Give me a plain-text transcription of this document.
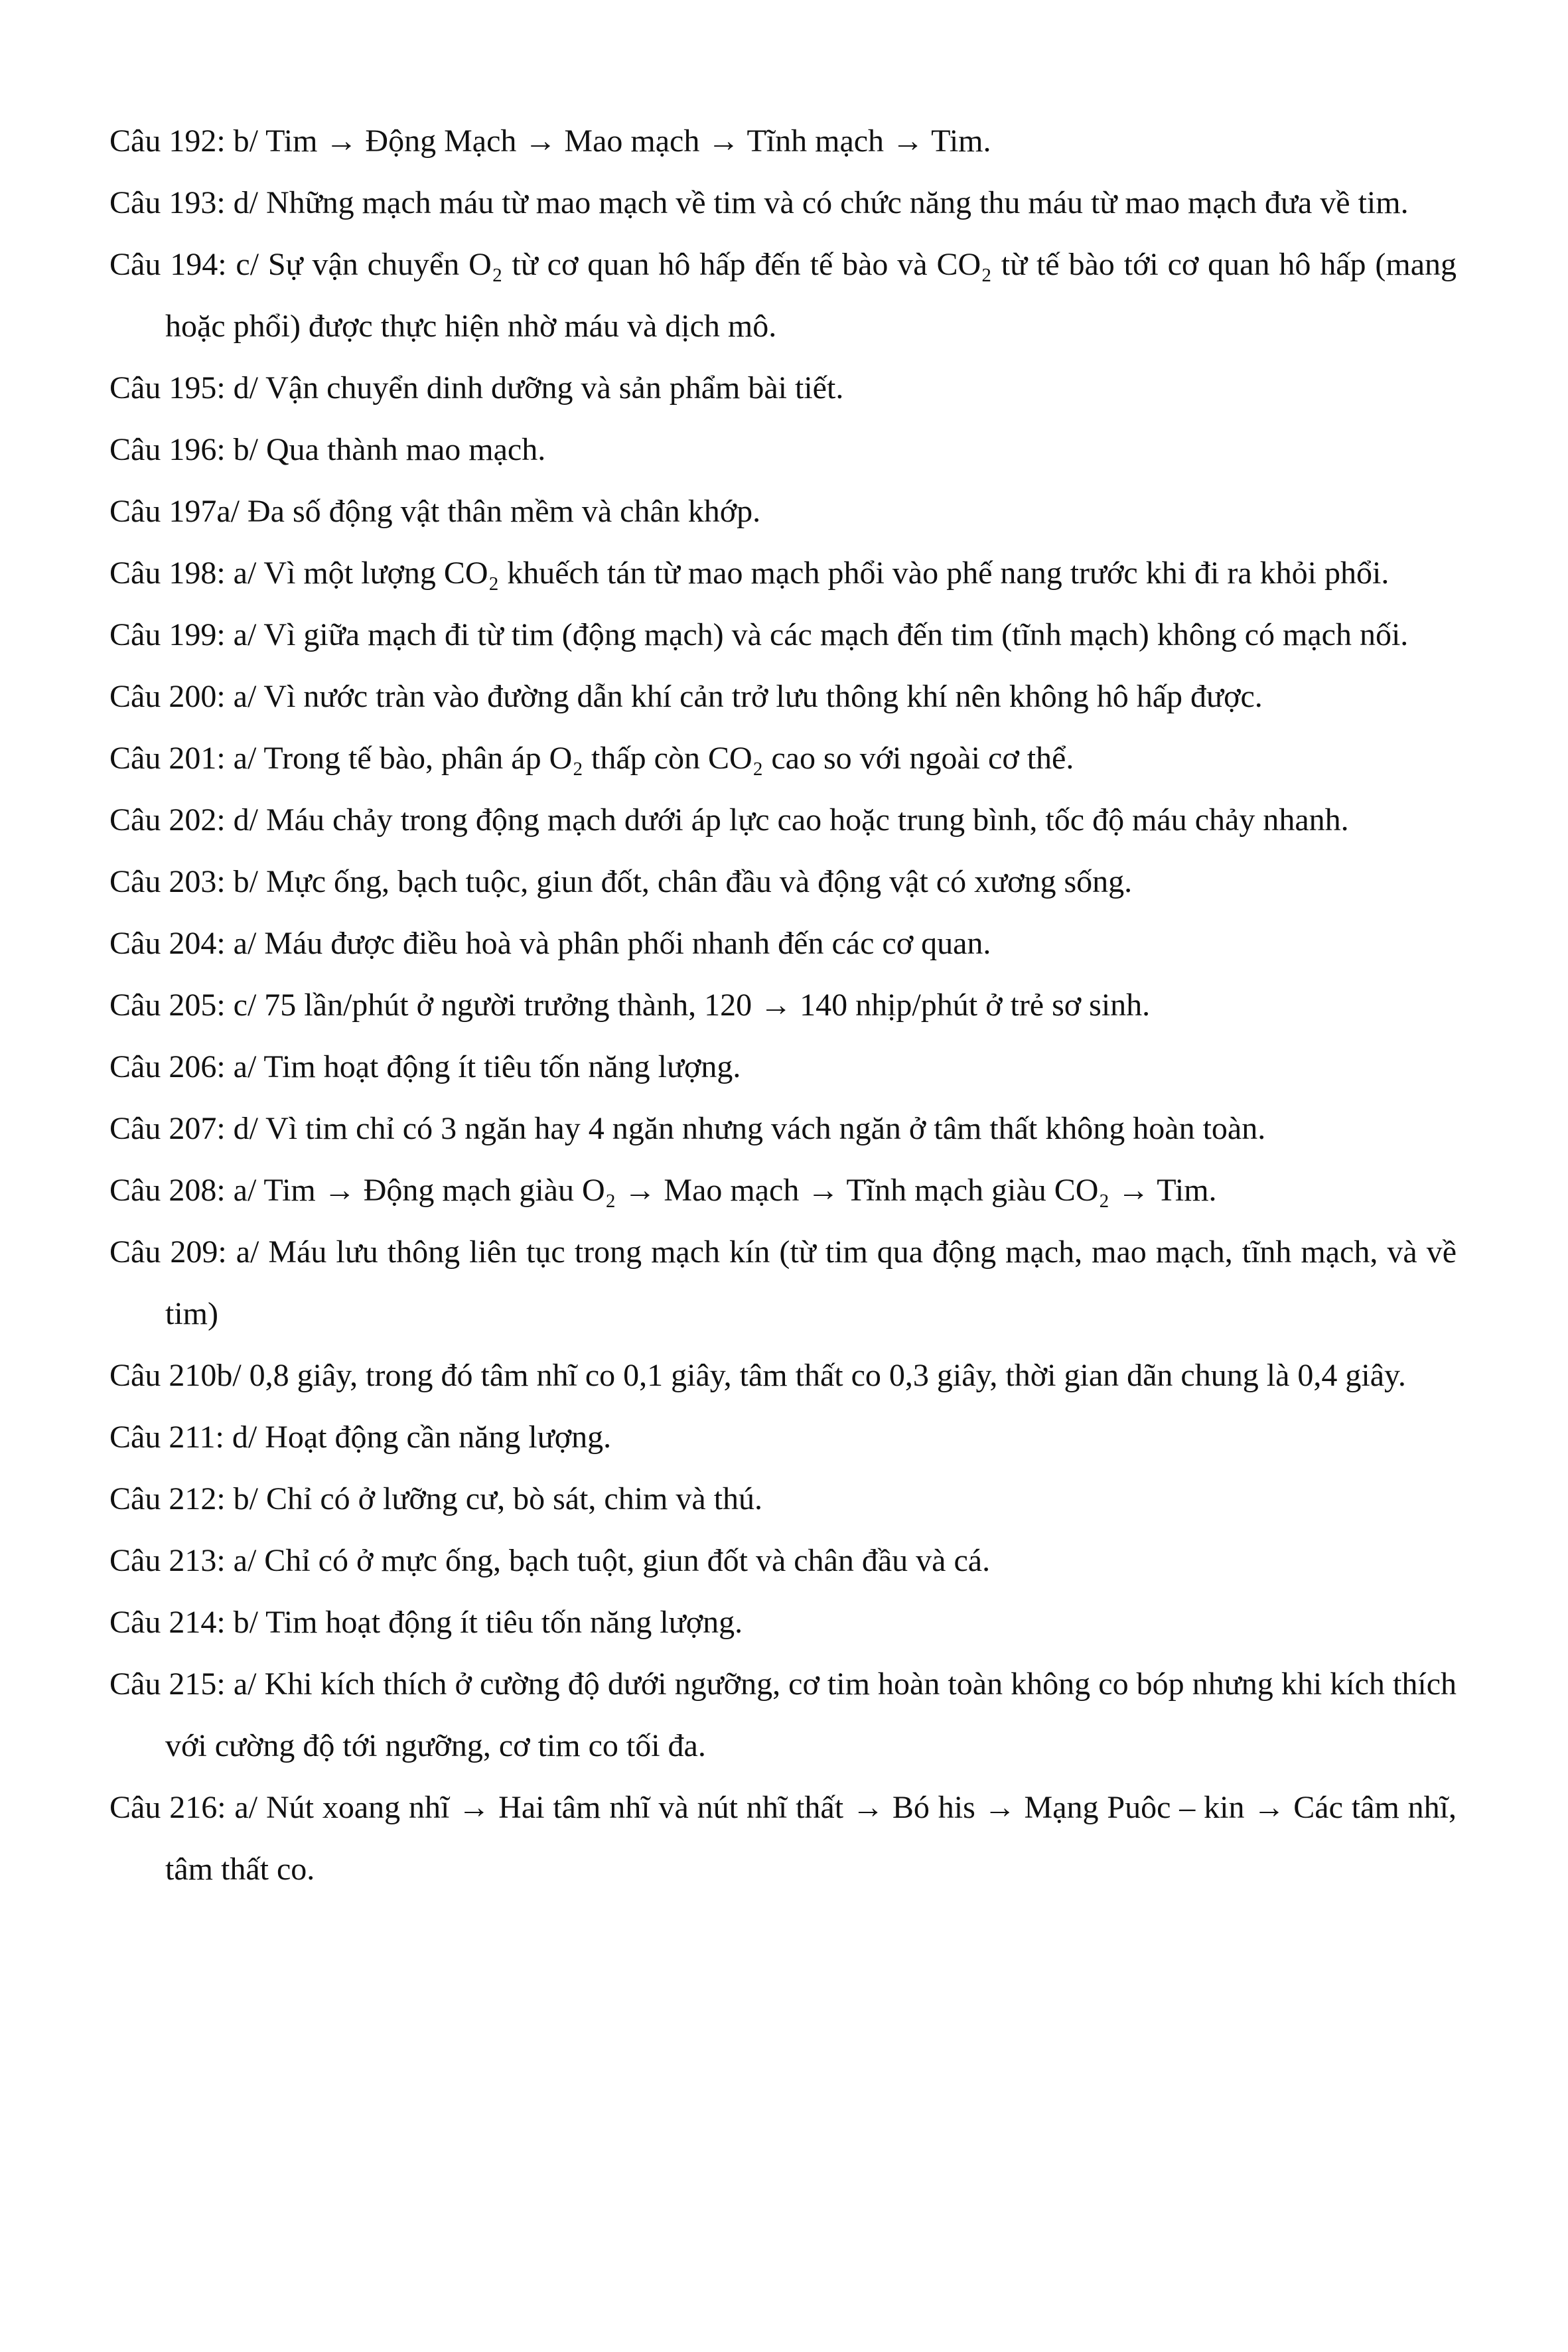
Câu 192: b/ Tim → Động Mạch → Mao mạch → Tĩnh mạch → Tim.

Câu 193: d/ Những mạch máu từ mao mạch về tim và có chức năng thu máu từ mao mạch đưa về tim.

Câu 194: c/ Sự vận chuyển O₂ từ cơ quan hô hấp đến tế bào và CO₂ từ tế bào tới cơ quan hô hấp (mang hoặc phổi) được thực hiện nhờ máu và dịch mô.

Câu 195: d/ Vận chuyển dinh dưỡng và sản phẩm bài tiết.

Câu 196: b/ Qua thành mao mạch.

Câu 197a/ Đa số động vật thân mềm và chân khớp.

Câu 198: a/ Vì một lượng CO₂ khuếch tán từ mao mạch phổi vào phế nang trước khi đi ra khỏi phổi.

Câu 199: a/ Vì giữa mạch đi từ tim (động mạch) và các mạch đến tim (tĩnh mạch) không có mạch nối.

Câu 200: a/ Vì nước tràn vào đường dẫn khí cản trở lưu thông khí nên không hô hấp được.

Câu 201: a/ Trong tế bào, phân áp O₂ thấp còn CO₂ cao so với ngoài cơ thể.

Câu 202: d/ Máu chảy trong động mạch dưới áp lực cao hoặc trung bình, tốc độ máu chảy nhanh.

Câu 203: b/ Mực ống, bạch tuộc, giun đốt, chân đầu và động vật có xương sống.

Câu 204: a/ Máu được điều hoà và phân phối nhanh đến các cơ quan.

Câu 205: c/ 75 lần/phút ở người trưởng thành, 120 → 140 nhịp/phút ở trẻ sơ sinh.

Câu 206: a/ Tim hoạt động ít tiêu tốn năng lượng.

Câu 207: d/ Vì tim chỉ có 3 ngăn hay 4 ngăn nhưng vách ngăn ở tâm thất không hoàn toàn.

Câu 208: a/ Tim → Động mạch giàu O₂ → Mao mạch → Tĩnh mạch giàu CO₂ → Tim.

Câu 209: a/ Máu lưu thông liên tục trong mạch kín (từ tim qua động mạch, mao mạch, tĩnh mạch, và về tim)

Câu 210b/ 0,8 giây, trong đó tâm nhĩ co 0,1 giây, tâm thất co 0,3 giây, thời gian dãn chung là 0,4 giây.

Câu 211: d/ Hoạt động cần năng lượng.

Câu 212: b/ Chỉ có ở lưỡng cư, bò sát, chim và thú.

Câu 213: a/ Chỉ có ở mực ống, bạch tuột, giun đốt và chân đầu và cá.

Câu 214: b/ Tim hoạt động ít tiêu tốn năng lượng.

Câu 215: a/ Khi kích thích ở cường độ dưới ngưỡng, cơ tim hoàn toàn không co bóp nhưng khi kích thích với cường độ tới ngưỡng, cơ tim co tối đa.

Câu 216: a/ Nút xoang nhĩ → Hai tâm nhĩ và nút nhĩ thất → Bó his → Mạng Puôc – kin → Các tâm nhĩ, tâm thất co.
